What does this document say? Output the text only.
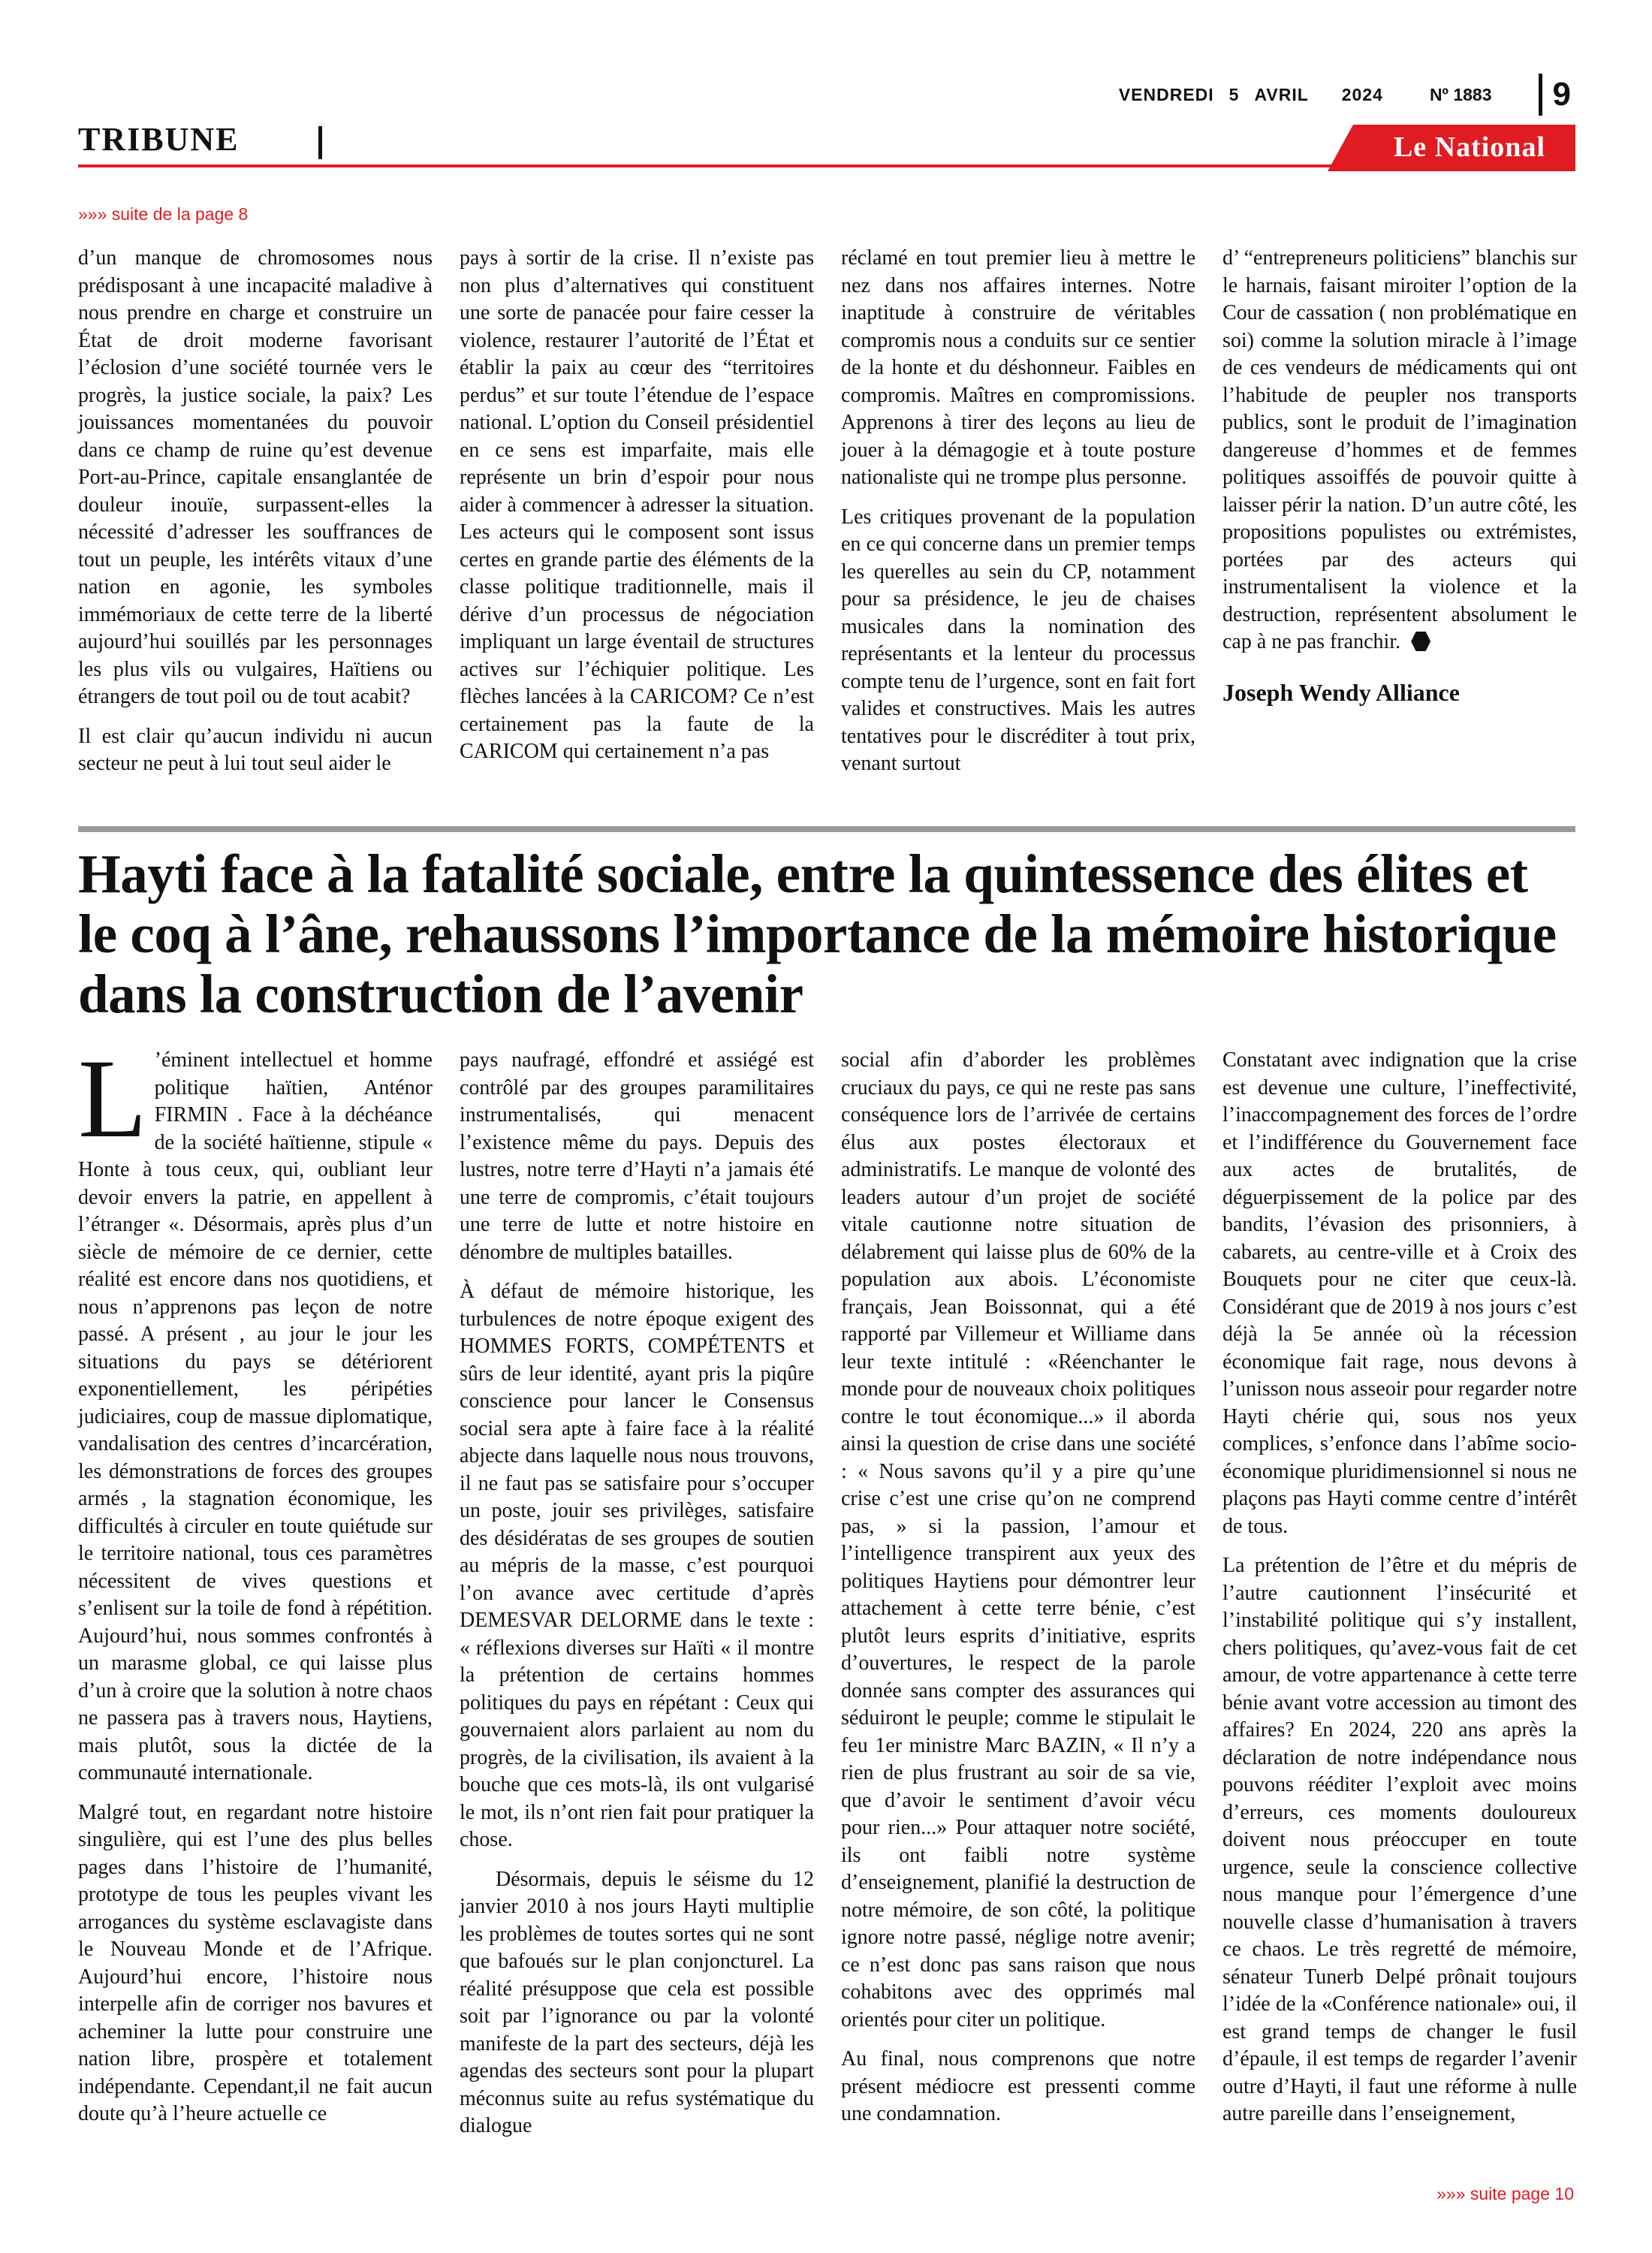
VENDREDI 5 AVRIL 2024	Nº 1883 9
TRIBUNE	Le National
»»» suite de la page 8

d’un manque de chromosomes nous prédisposant à une incapacité maladive à nous prendre en charge et construire un État de droit moderne favorisant l’éclosion d’une société tournée vers le progrès, la justice sociale, la paix? Les jouissances momentanées du pouvoir dans ce champ de ruine qu’est devenue Port-au-Prince, capitale ensanglantée de douleur inouïe, surpassent-elles la nécessité d’adresser les souffrances de tout un peuple, les intérêts vitaux d’une nation en agonie, les symboles immémoriaux de cette terre de la liberté aujourd’hui souillés par les personnages les plus vils ou vulgaires, Haïtiens ou étrangers de tout poil ou de tout acabit?

Il est clair qu’aucun individu ni aucun secteur ne peut à lui tout seul aider le

pays à sortir de la crise. Il n’existe pas non plus d’alternatives qui constituent une sorte de panacée pour faire cesser la violence, restaurer l’autorité de l’État et établir la paix au cœur des “territoires perdus” et sur toute l’étendue de l’espace national. L’option du Conseil présidentiel en ce sens est imparfaite, mais elle représente un brin d’espoir pour nous aider à commencer à adresser la situation. Les acteurs qui le composent sont issus certes en grande partie des éléments de la classe politique traditionnelle, mais il dérive d’un processus de négociation impliquant un large éventail de structures actives sur l’échiquier politique. Les flèches lancées à la CARICOM? Ce n’est certainement pas la faute de la CARICOM qui certainement n’a pas

réclamé en tout premier lieu à mettre le nez dans nos affaires internes. Notre inaptitude à construire de véritables compromis nous a conduits sur ce sentier de la honte et du déshonneur. Faibles en compromis. Maîtres en compromissions. Apprenons à tirer des leçons au lieu de jouer à la démagogie et à toute posture nationaliste qui ne trompe plus personne.

Les critiques provenant de la population en ce qui concerne dans un premier temps les querelles au sein du CP, notamment pour sa présidence, le jeu de chaises musicales dans la nomination des représentants et la lenteur du processus compte tenu de l’urgence, sont en fait fort valides et constructives. Mais les autres tentatives pour le discréditer à tout prix, venant surtout

d’ “entrepreneurs politiciens” blanchis sur le harnais, faisant miroiter l’option de la Cour de cassation ( non problématique en soi) comme la solution miracle à l’image de ces vendeurs de médicaments qui ont l’habitude de peupler nos transports publics, sont le produit de l’imagination dangereuse d’hommes et de femmes politiques assoiffés de pouvoir quitte à laisser périr la nation. D’un autre côté, les propositions populistes ou extrémistes, portées par des acteurs qui instrumentalisent la violence et la destruction, représentent absolument le cap à ne pas franchir.

Joseph Wendy Alliance
Hayti face à la fatalité sociale, entre la quintessence des élites et le coq à l’âne, rehaussons l’importance de la mémoire historique dans la construction de l’avenir

L ’éminent intellectuel et homme politique haïtien, Anténor FIRMIN . Face à la déchéance de la société haïtienne, stipule « Honte à tous ceux, qui, oubliant leur devoir envers la patrie, en appellent à l’étranger «. Désormais, après plus d’un siècle de mémoire de ce dernier, cette réalité est encore dans nos quotidiens, et nous n’apprenons pas leçon de notre passé. A présent , au jour le jour les situations du pays se détériorent exponentiellement, les péripéties judiciaires, coup de massue diplomatique, vandalisation des centres d’incarcération, les démonstrations de forces des groupes armés , la stagnation économique, les difficultés à circuler en toute quiétude sur le territoire national, tous ces paramètres nécessitent de vives questions et s’enlisent sur la toile de fond à répétition. Aujourd’hui, nous sommes confrontés à un marasme global, ce qui laisse plus d’un à croire que la solution à notre chaos ne passera pas à travers nous, Haytiens, mais plutôt, sous la dictée de la communauté internationale.

Malgré tout, en regardant notre histoire singulière, qui est l’une des plus belles pages dans l’histoire de l’humanité, prototype de tous les peuples vivant les arrogances du système esclavagiste dans le Nouveau Monde et de l’Afrique. Aujourd’hui encore, l’histoire nous interpelle afin de corriger nos bavures et acheminer la lutte pour construire une nation libre, prospère et totalement indépendante. Cependant,il ne fait aucun doute qu’à l’heure actuelle ce

pays naufragé, effondré et assiégé est contrôlé par des groupes paramilitaires instrumentalisés, qui menacent l’existence même du pays. Depuis des lustres, notre terre d’Hayti n’a jamais été une terre de compromis, c’était toujours une terre de lutte et notre histoire en dénombre de multiples batailles.

À défaut de mémoire historique, les turbulences de notre époque exigent des HOMMES FORTS, COMPÉTENTS et sûrs de leur identité, ayant pris la piqûre conscience pour lancer le Consensus social sera apte à faire face à la réalité abjecte dans laquelle nous nous trouvons, il ne faut pas se satisfaire pour s’occuper un poste, jouir ses privilèges, satisfaire des désidératas de ses groupes de soutien au mépris de la masse, c’est pourquoi l’on avance avec certitude d’après DEMESVAR DELORME dans le texte : « réflexions diverses sur Haïti « il montre la prétention de certains hommes politiques du pays en répétant : Ceux qui gouvernaient alors parlaient au nom du progrès, de la civilisation, ils avaient à la bouche que ces mots-là, ils ont vulgarisé le mot, ils n’ont rien fait pour pratiquer la chose.

Désormais, depuis le séisme du 12 janvier 2010 à nos jours Hayti multiplie les problèmes de toutes sortes qui ne sont que bafoués sur le plan conjoncturel. La réalité présuppose que cela est possible soit par l’ignorance ou par la volonté manifeste de la part des secteurs, déjà les agendas des secteurs sont pour la plupart méconnus suite au refus systématique du dialogue

social afin d’aborder les problèmes cruciaux du pays, ce qui ne reste pas sans conséquence lors de l’arrivée de certains élus aux postes électoraux et administratifs. Le manque de volonté des leaders autour d’un projet de société vitale cautionne notre situation de délabrement qui laisse plus de 60% de la population aux abois. L’économiste français, Jean Boissonnat, qui a été rapporté par Villemeur et Williame dans leur texte intitulé : «Réenchanter le monde pour de nouveaux choix politiques contre le tout économique...» il aborda ainsi la question de crise dans une société : « Nous savons qu’il y a pire qu’une crise c’est une crise qu’on ne comprend pas, » si la passion, l’amour et l’intelligence transpirent aux yeux des politiques Haytiens pour démontrer leur attachement à cette terre bénie, c’est plutôt leurs esprits d’initiative, esprits d’ouvertures, le respect de la parole donnée sans compter des assurances qui séduiront le peuple; comme le stipulait le feu 1er ministre Marc BAZIN, « Il n’y a rien de plus frustrant au soir de sa vie, que d’avoir le sentiment d’avoir vécu pour rien...» Pour attaquer notre société, ils ont faibli notre système d’enseignement, planifié la destruction de notre mémoire, de son côté, la politique ignore notre passé, néglige notre avenir; ce n’est donc pas sans raison que nous cohabitons avec des opprimés mal orientés pour citer un politique.

Au final, nous comprenons que notre présent médiocre est pressenti comme une condamnation.

Constatant avec indignation que la crise est devenue une culture, l’ineffectivité, l’inaccompagnement des forces de l’ordre et l’indifférence du Gouvernement face aux actes de brutalités, de déguerpissement de la police par des bandits, l’évasion des prisonniers, à cabarets, au centre-ville et à Croix des Bouquets pour ne citer que ceux-là. Considérant que de 2019 à nos jours c’est déjà la 5e année où la récession économique fait rage, nous devons à l’unisson nous asseoir pour regarder notre Hayti chérie qui, sous nos yeux complices, s’enfonce dans l’abîme socio-économique pluridimensionnel si nous ne plaçons pas Hayti comme centre d’intérêt de tous.

La prétention de l’être et du mépris de l’autre cautionnent l’insécurité et l’instabilité politique qui s’y installent, chers politiques, qu’avez-vous fait de cet amour, de votre appartenance à cette terre bénie avant votre accession au timont des affaires? En 2024, 220 ans après la déclaration de notre indépendance nous pouvons rééditer l’exploit avec moins d’erreurs, ces moments douloureux doivent nous préoccuper en toute urgence, seule la conscience collective nous manque pour l’émergence d’une nouvelle classe d’humanisation à travers ce chaos. Le très regretté de mémoire, sénateur Tunerb Delpé prônait toujours l’idée de la «Conférence nationale» oui, il est grand temps de changer le fusil d’épaule, il est temps de regarder l’avenir outre d’Hayti, il faut une réforme à nulle autre pareille dans l’enseignement,

»»» suite page 10
